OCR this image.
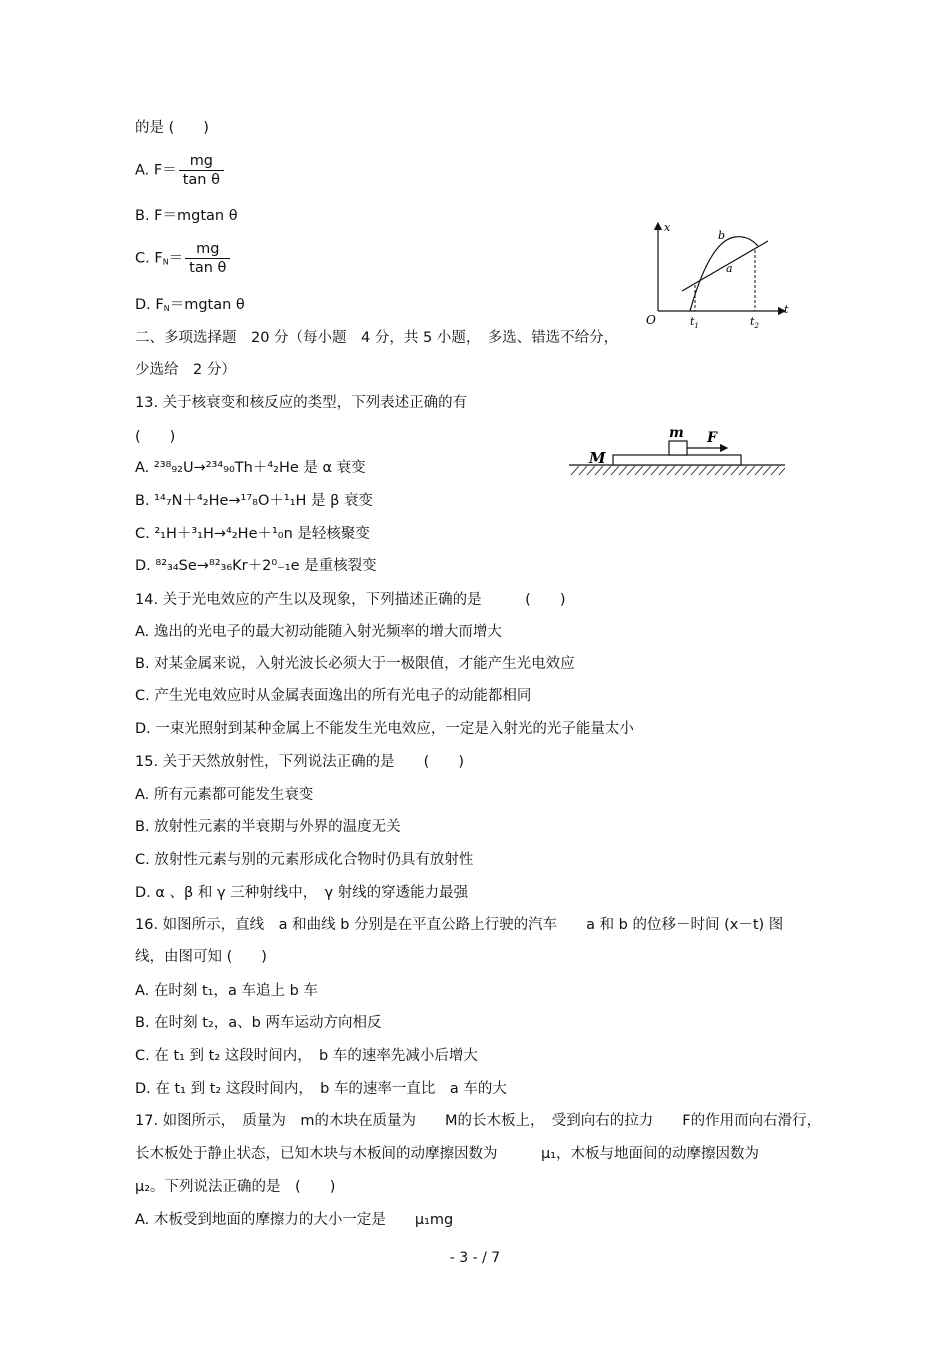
的是 (　　)
A. $F= \frac{mg}{\text{tan θ}}$
B. F＝mgtan θ
C. $F_N= \frac{mg}{\text{tan θ}}$
D. $F_N=mgtan$ θ
二、多项选择题　20 分（每小题　4 分，共 5 小题，　多选、错选不给分，
少选给　2 分）
13. 关于核衰变和核反应的类型，下列表述正确的有
(　　)
A. ²³⁸₉₂U→²³⁴₉₀Th＋⁴₂He 是 α 衰变
B. ¹⁴₇N＋⁴₂He→¹⁷₈O＋¹₁H 是 β 衰变
C. ²₁H＋³₁H→⁴₂He＋¹₀n 是轻核聚变
D. ⁸²₃₄Se→⁸²₃₆Kr＋2⁰₋₁e 是重核裂变
14. 关于光电效应的产生以及现象，下列描述正确的是　　　(　　)
A. 逸出的光电子的最大初动能随入射光频率的增大而增大
B. 对某金属来说，入射光波长必须大于一极限值，才能产生光电效应
C. 产生光电效应时从金属表面逸出的所有光电子的动能都相同
D. 一束光照射到某种金属上不能发生光电效应，一定是入射光的光子能量太小
15. 关于天然放射性，下列说法正确的是　　(　　)
A. 所有元素都可能发生衰变
B. 放射性元素的半衰期与外界的温度无关
C. 放射性元素与别的元素形成化合物时仍具有放射性
D. α 、β 和 γ 三种射线中，　γ 射线的穿透能力最强
16. 如图所示，直线　a 和曲线 b 分别是在平直公路上行驶的汽车　　a 和 b 的位移－时间 (x－t) 图
线，由图可知 (　　)
A. 在时刻 t₁，a 车追上 b 车
B. 在时刻 t₂，a、b 两车运动方向相反
C. 在 t₁ 到 t₂ 这段时间内，　b 车的速率先减小后增大
D. 在 t₁ 到 t₂ 这段时间内，　b 车的速率一直比　a 车的大
17. 如图所示，　质量为　m的木块在质量为　　M的长木板上，　受到向右的拉力　　F的作用而向右滑行，
长木板处于静止状态，已知木块与木板间的动摩擦因数为　　　μ₁，木板与地面间的动摩擦因数为
μ₂。下列说法正确的是　(　　)
A. 木板受到地面的摩擦力的大小一定是　　μ₁mg
x
t
O
b
a
$t_1$	$t_2$
M
m F
- 3 - / 7
